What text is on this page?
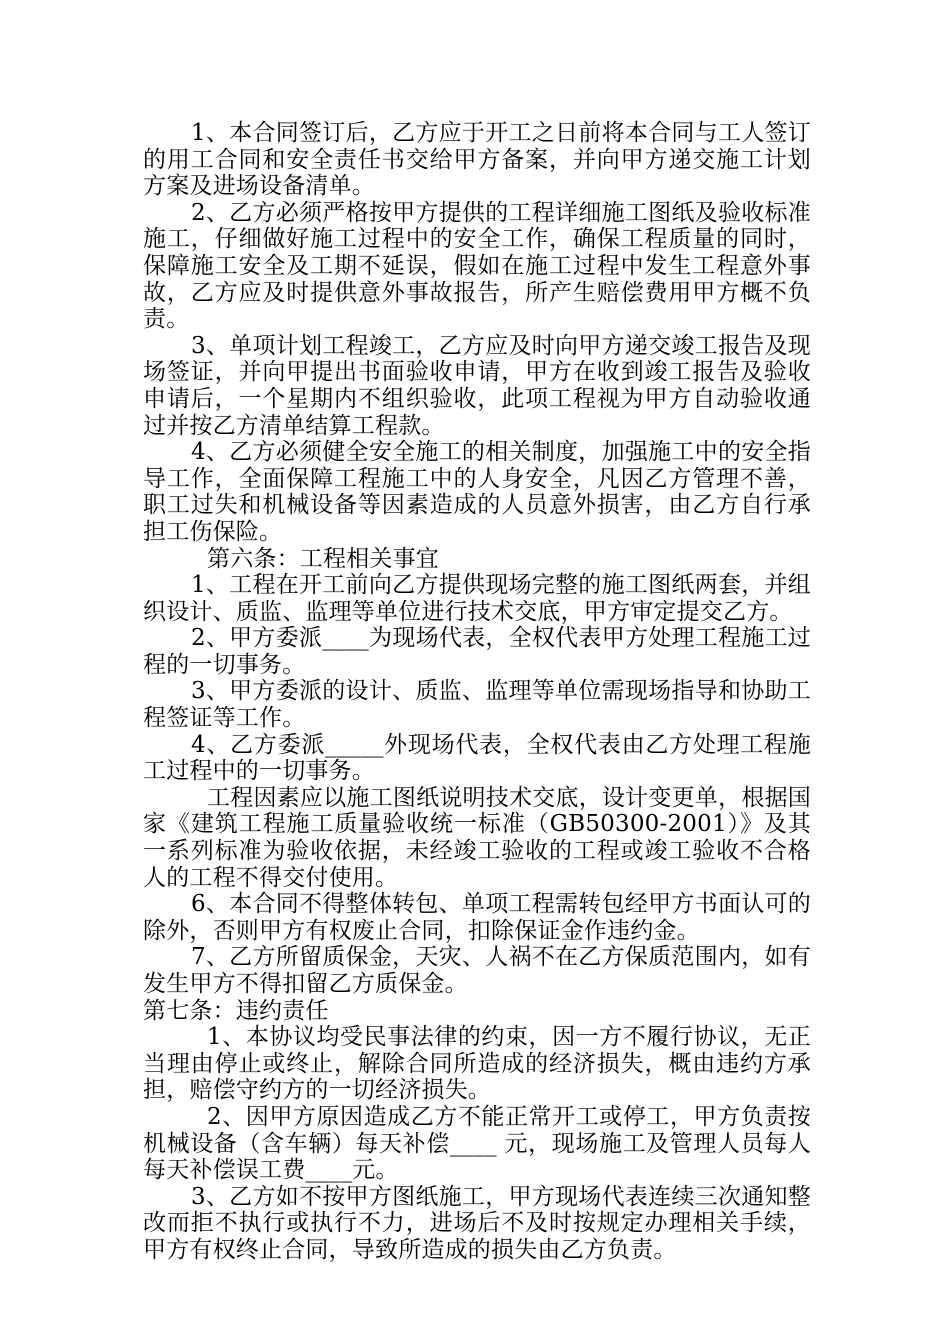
1、本合同签订后，乙方应于开工之日前将本合同与工人签订的用工合同和安全责任书交给甲方备案，并向甲方递交施工计划方案及进场设备清单。

2、乙方必须严格按甲方提供的工程详细施工图纸及验收标准施工，仔细做好施工过程中的安全工作，确保工程质量的同时，保障施工安全及工期不延误，假如在施工过程中发生工程意外事故，乙方应及时提供意外事故报告，所产生赔偿费用甲方概不负责。

3、单项计划工程竣工，乙方应及时向甲方递交竣工报告及现场签证，并向甲提出书面验收申请，甲方在收到竣工报告及验收申请后，一个星期内不组织验收，此项工程视为甲方自动验收通过并按乙方清单结算工程款。

4、乙方必须健全安全施工的相关制度，加强施工中的安全指导工作，全面保障工程施工中的人身安全，凡因乙方管理不善，职工过失和机械设备等因素造成的人员意外损害，由乙方自行承担工伤保险。

第六条：工程相关事宜

1、工程在开工前向乙方提供现场完整的施工图纸两套，并组织设计、质监、监理等单位进行技术交底，甲方审定提交乙方。

2、甲方委派____为现场代表，全权代表甲方处理工程施工过程的一切事务。

3、甲方委派的设计、质监、监理等单位需现场指导和协助工程签证等工作。

4、乙方委派_____外现场代表，全权代表由乙方处理工程施工过程中的一切事务。

工程因素应以施工图纸说明技术交底，设计变更单，根据国家《建筑工程施工质量验收统一标准（GB50300-2001）》及其一系列标准为验收依据，未经竣工验收的工程或竣工验收不合格人的工程不得交付使用。

6、本合同不得整体转包、单项工程需转包经甲方书面认可的除外，否则甲方有权废止合同，扣除保证金作违约金。

7、乙方所留质保金，天灾、人祸不在乙方保质范围内，如有发生甲方不得扣留乙方质保金。

第七条：违约责任

1、本协议均受民事法律的约束，因一方不履行协议，无正当理由停止或终止，解除合同所造成的经济损失，概由违约方承担，赔偿守约方的一切经济损失。

2、因甲方原因造成乙方不能正常开工或停工，甲方负责按机械设备（含车辆）每天补偿____ 元，现场施工及管理人员每人每天补偿误工费____元。

3、乙方如不按甲方图纸施工，甲方现场代表连续三次通知整改而拒不执行或执行不力，进场后不及时按规定办理相关手续，甲方有权终止合同，导致所造成的损失由乙方负责。
